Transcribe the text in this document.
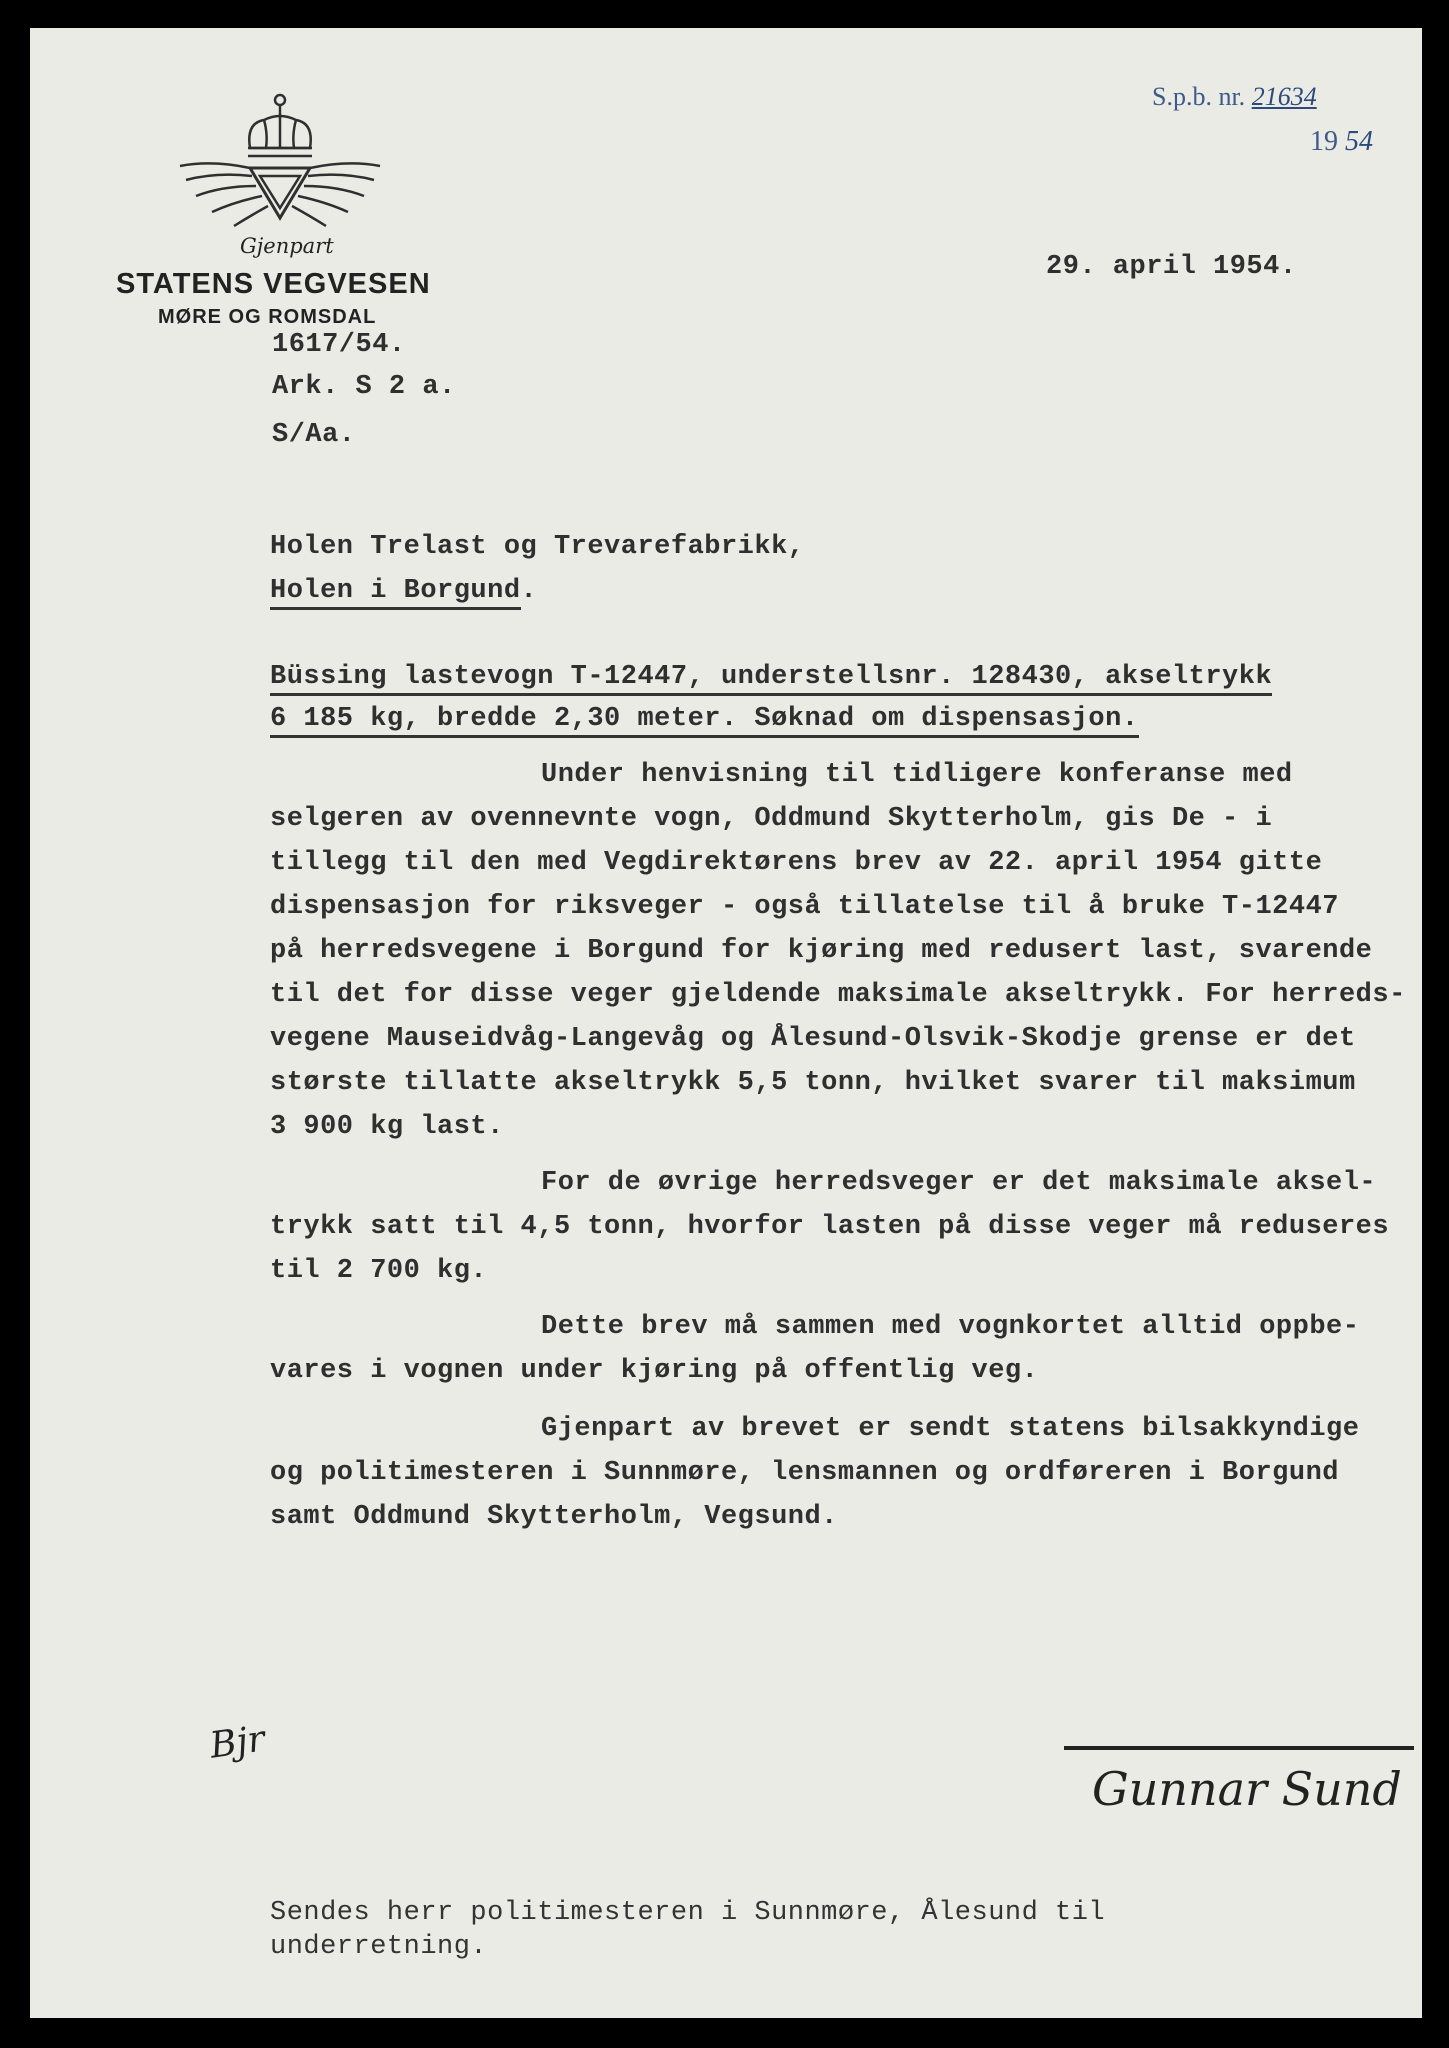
S.p.b. nr. 21634
19 54
Gjenpart
STATENS VEGVESEN
MØRE OG ROMSDAL
1617/54.
Ark. S 2 a.
S/Aa.
29. april 1954.
Holen Trelast og Trevarefabrikk,
Holen i Borgund.
Büssing lastevogn T-12447, understellsnr. 128430, akseltrykk
6 185 kg, bredde 2,30 meter. Søknad om dispensasjon.
Under henvisning til tidligere konferanse med
selgeren av ovennevnte vogn, Oddmund Skytterholm, gis De - i
tillegg til den med Vegdirektørens brev av 22. april 1954 gitte
dispensasjon for riksveger - også tillatelse til å bruke T-12447
på herredsvegene i Borgund for kjøring med redusert last, svarende
til det for disse veger gjeldende maksimale akseltrykk. For herreds-
vegene Mauseidvåg-Langevåg og Ålesund-Olsvik-Skodje grense er det
største tillatte akseltrykk 5,5 tonn, hvilket svarer til maksimum
3 900 kg last.
For de øvrige herredsveger er det maksimale aksel-
trykk satt til 4,5 tonn, hvorfor lasten på disse veger må reduseres
til 2 700 kg.
Dette brev må sammen med vognkortet alltid oppbe-
vares i vognen under kjøring på offentlig veg.
Gjenpart av brevet er sendt statens bilsakkyndige
og politimesteren i Sunnmøre, lensmannen og ordføreren i Borgund
samt Oddmund Skytterholm, Vegsund.
Bjr
Gunnar Sund
Sendes herr politimesteren i Sunnmøre, Ålesund til
underretning.
